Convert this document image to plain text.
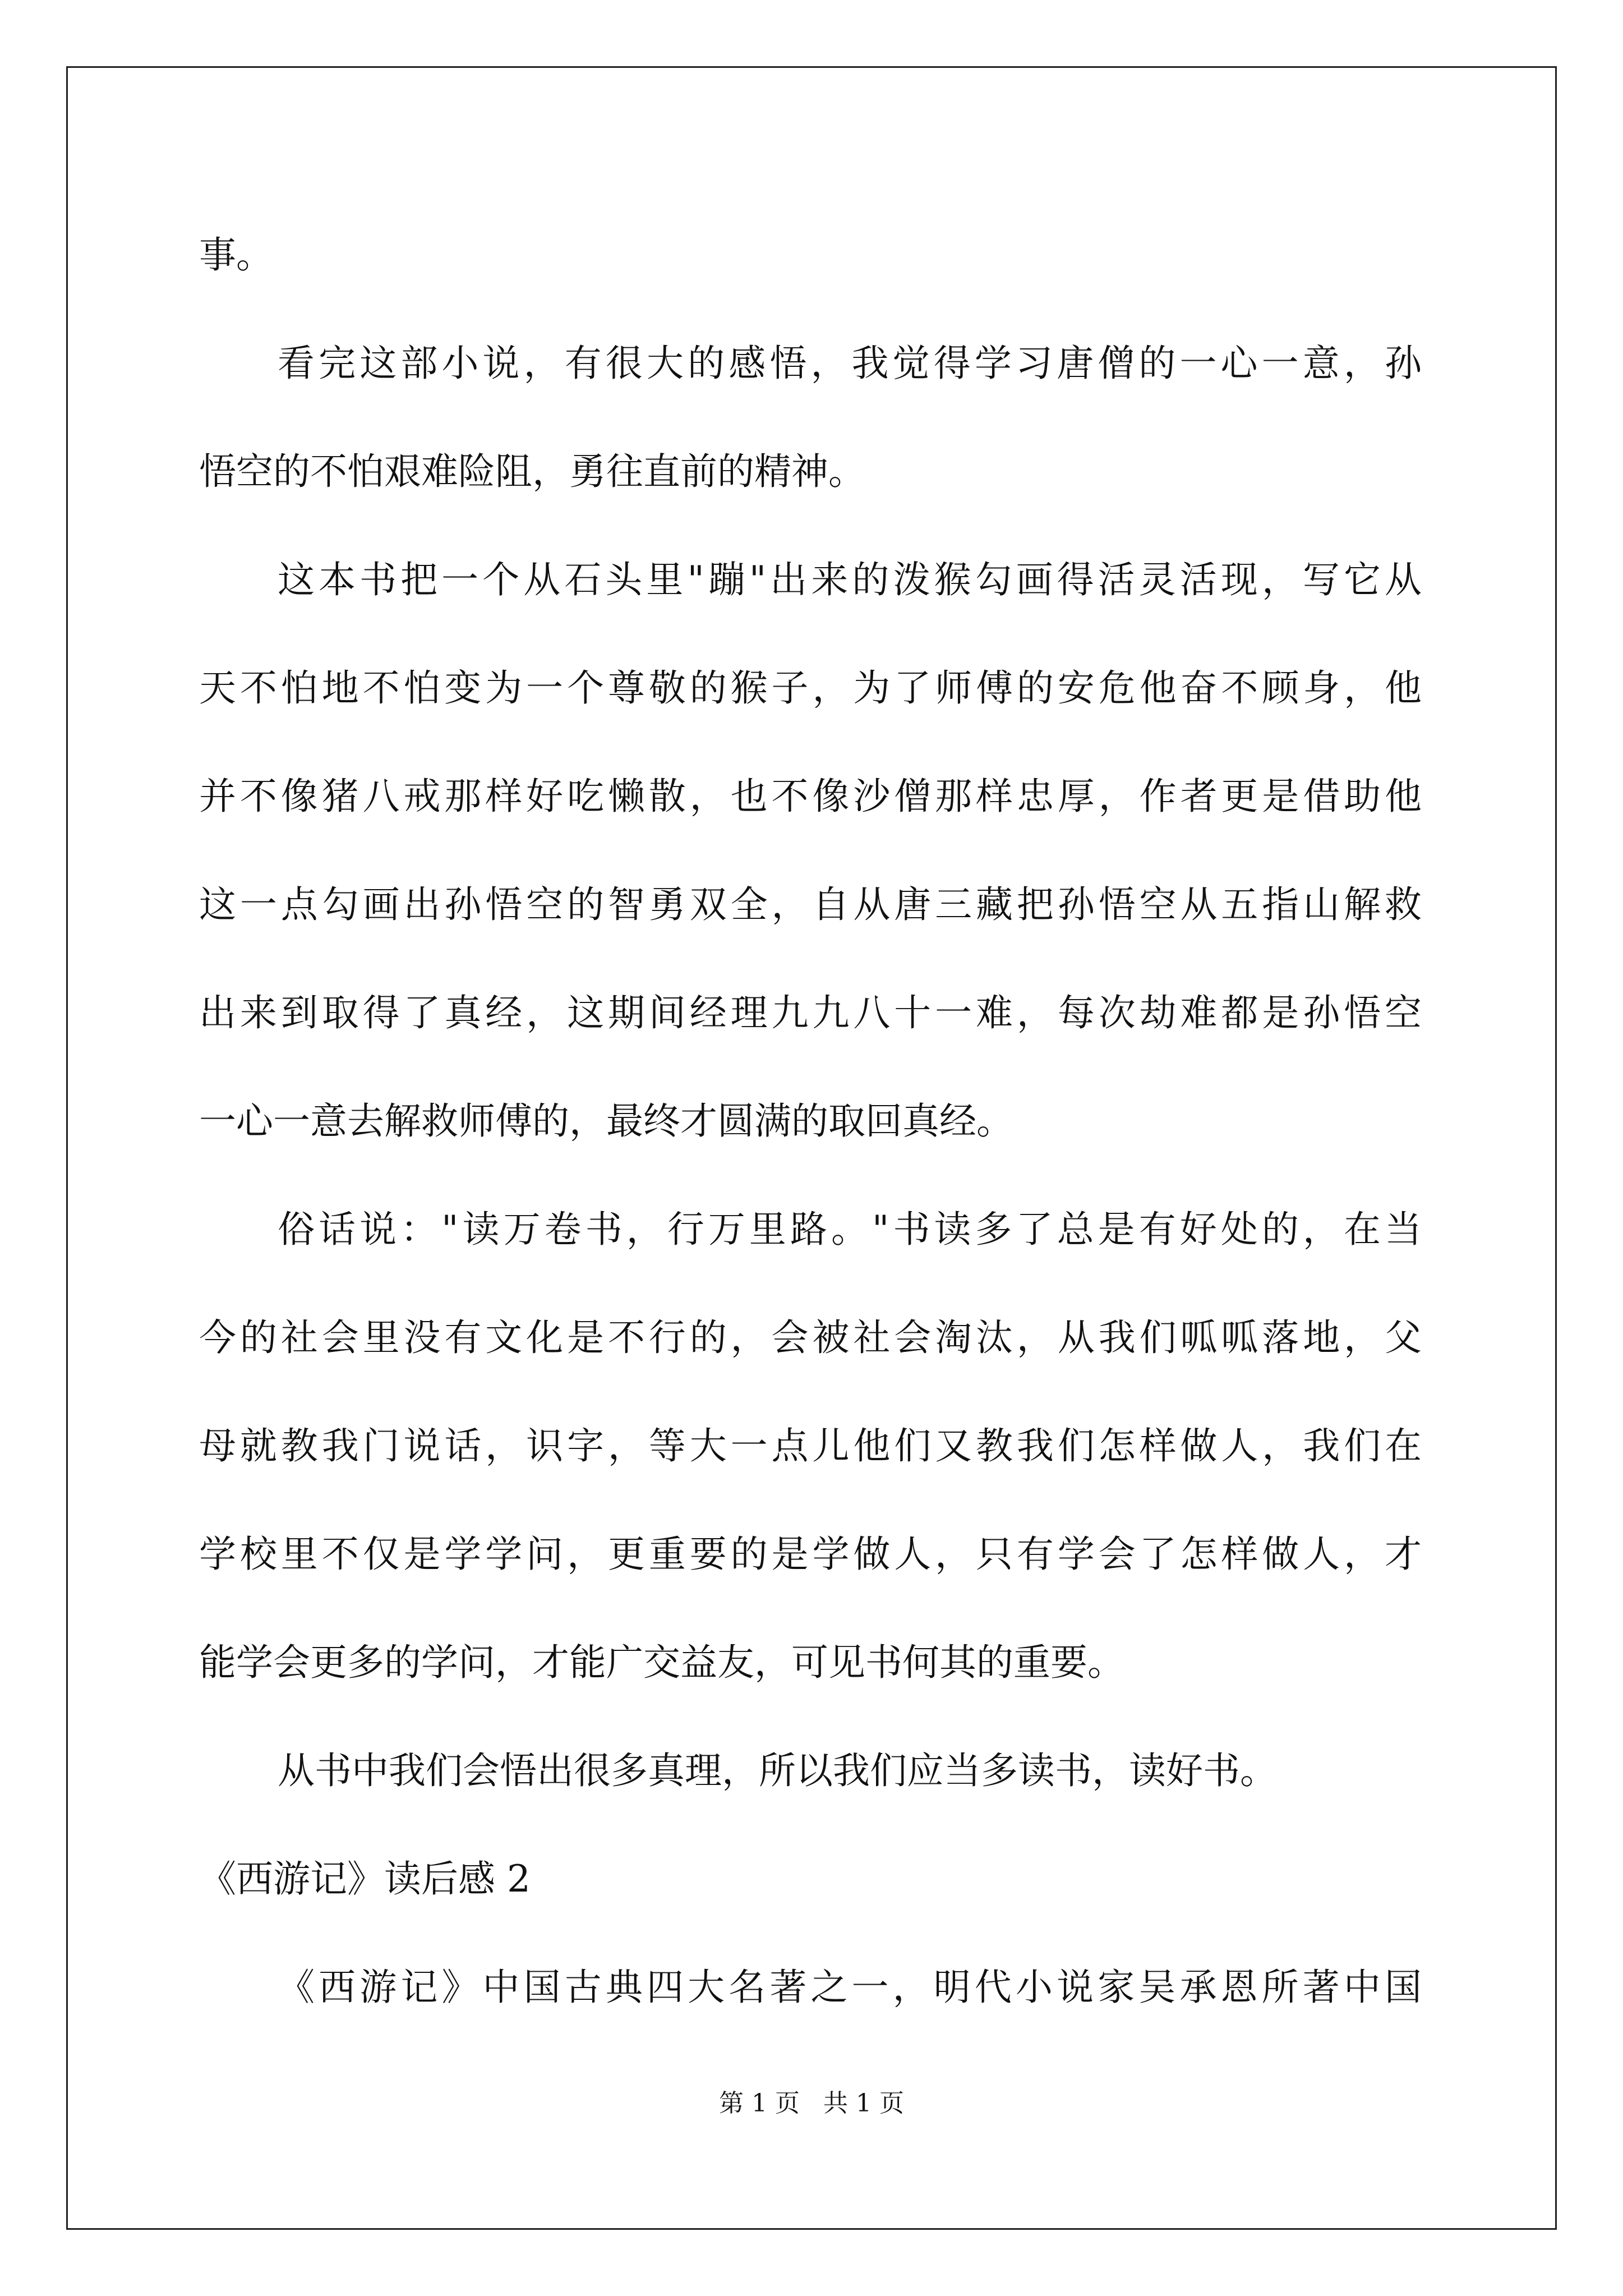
事。
看完这部小说，有很大的感悟，我觉得学习唐僧的一心一意，孙
悟空的不怕艰难险阻，勇往直前的精神。
这本书把一个从石头里"蹦"出来的泼猴勾画得活灵活现，写它从
天不怕地不怕变为一个尊敬的猴子，为了师傅的安危他奋不顾身，他
并不像猪八戒那样好吃懒散，也不像沙僧那样忠厚，作者更是借助他
这一点勾画出孙悟空的智勇双全，自从唐三藏把孙悟空从五指山解救
出来到取得了真经，这期间经理九九八十一难，每次劫难都是孙悟空
一心一意去解救师傅的，最终才圆满的取回真经。
俗话说："读万卷书，行万里路。"书读多了总是有好处的，在当
今的社会里没有文化是不行的，会被社会淘汰，从我们呱呱落地，父
母就教我门说话，识字，等大一点儿他们又教我们怎样做人，我们在
学校里不仅是学学问，更重要的是学做人，只有学会了怎样做人，才
能学会更多的学问，才能广交益友，可见书何其的重要。
从书中我们会悟出很多真理，所以我们应当多读书，读好书。
《西游记》读后感 2
《西游记》中国古典四大名著之一，明代小说家吴承恩所著中国
第 1 页   共 1 页
